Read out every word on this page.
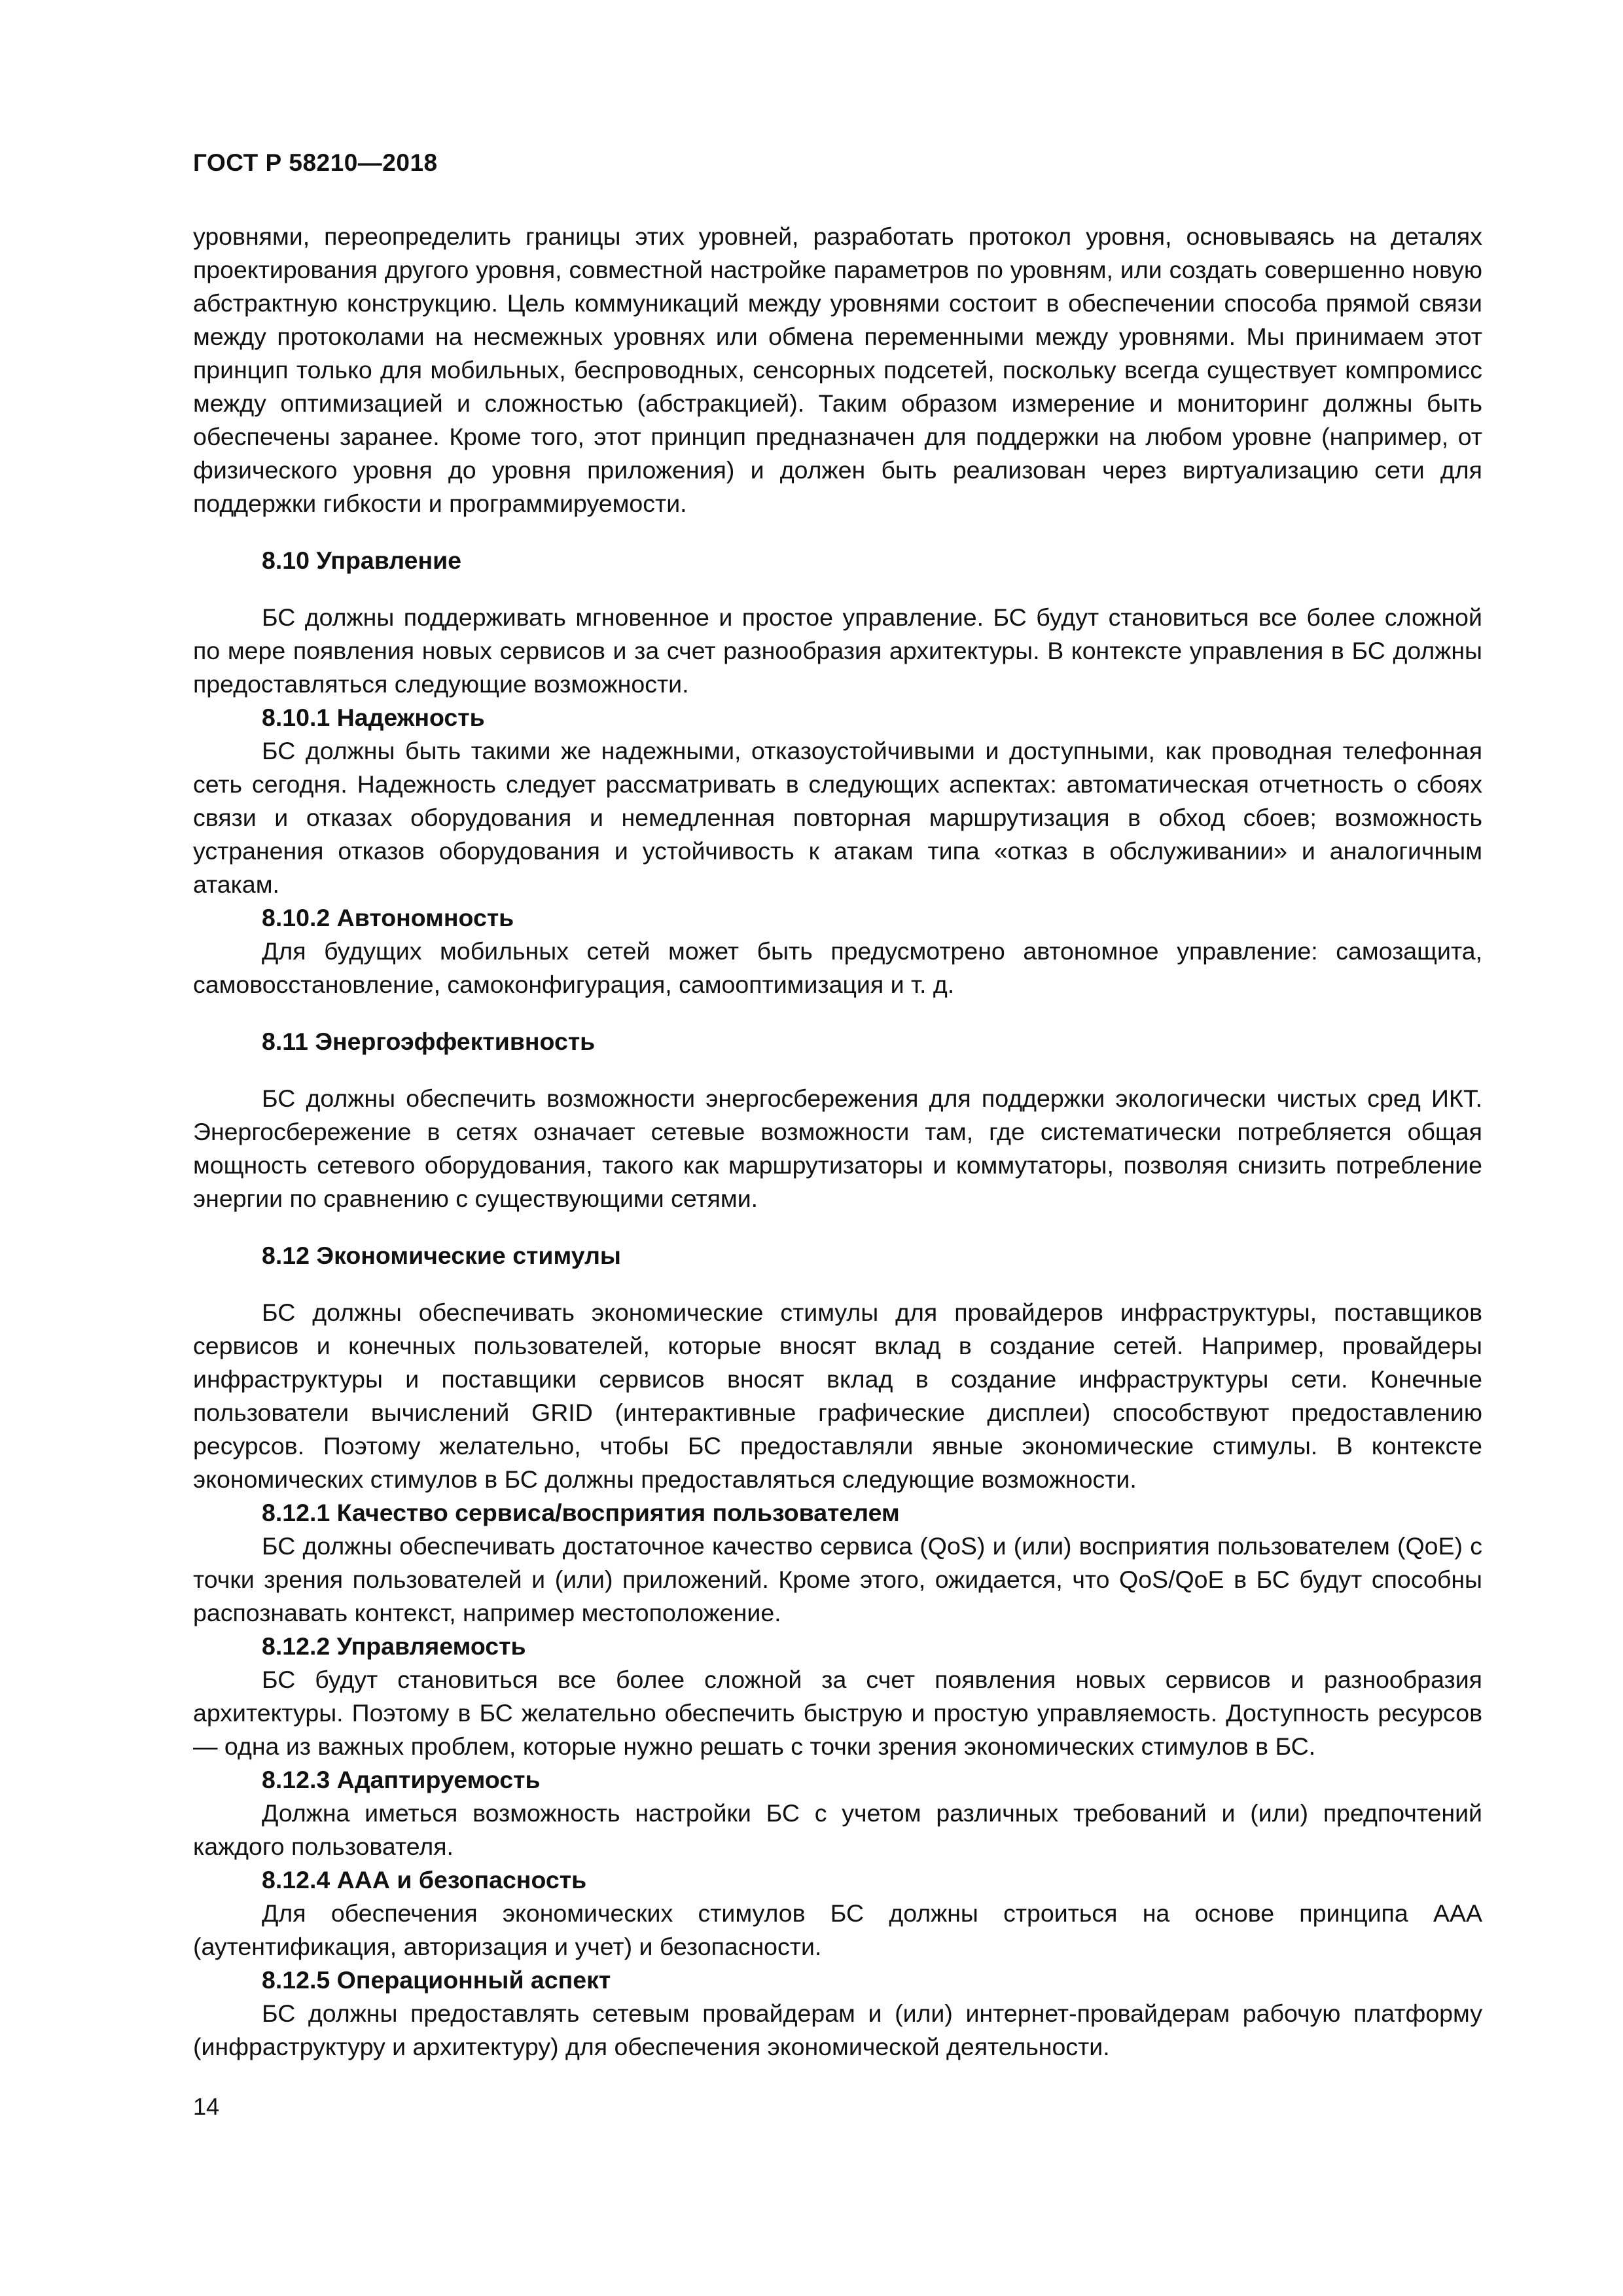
ГОСТ Р 58210—2018

уровнями, переопределить границы этих уровней, разработать протокол уровня, основываясь на деталях проектирования другого уровня, совместной настройке параметров по уровням, или создать совершенно новую абстрактную конструкцию. Цель коммуникаций между уровнями состоит в обеспечении способа прямой связи между протоколами на несмежных уровнях или обмена переменными между уровнями. Мы принимаем этот принцип только для мобильных, беспроводных, сенсорных подсетей, поскольку всегда существует компромисс между оптимизацией и сложностью (абстракцией). Таким образом измерение и мониторинг должны быть обеспечены заранее. Кроме того, этот принцип предназначен для поддержки на любом уровне (например, от физического уровня до уровня приложения) и должен быть реализован через виртуализацию сети для поддержки гибкости и программируемости.

8.10 Управление

БС должны поддерживать мгновенное и простое управление. БС будут становиться все более сложной по мере появления новых сервисов и за счет разнообразия архитектуры. В контексте управления в БС должны предоставляться следующие возможности.

8.10.1 Надежность

БС должны быть такими же надежными, отказоустойчивыми и доступными, как проводная телефонная сеть сегодня. Надежность следует рассматривать в следующих аспектах: автоматическая отчетность о сбоях связи и отказах оборудования и немедленная повторная маршрутизация в обход сбоев; возможность устранения отказов оборудования и устойчивость к атакам типа «отказ в обслуживании» и аналогичным атакам.

8.10.2 Автономность

Для будущих мобильных сетей может быть предусмотрено автономное управление: самозащита, самовосстановление, самоконфигурация, самооптимизация и т. д.

8.11 Энергоэффективность

БС должны обеспечить возможности энергосбережения для поддержки экологически чистых сред ИКТ. Энергосбережение в сетях означает сетевые возможности там, где систематически потребляется общая мощность сетевого оборудования, такого как маршрутизаторы и коммутаторы, позволяя снизить потребление энергии по сравнению с существующими сетями.

8.12 Экономические стимулы

БС должны обеспечивать экономические стимулы для провайдеров инфраструктуры, поставщиков сервисов и конечных пользователей, которые вносят вклад в создание сетей. Например, провайдеры инфраструктуры и поставщики сервисов вносят вклад в создание инфраструктуры сети. Конечные пользователи вычислений GRID (интерактивные графические дисплеи) способствуют предоставлению ресурсов. Поэтому желательно, чтобы БС предоставляли явные экономические стимулы. В контексте экономических стимулов в БС должны предоставляться следующие возможности.

8.12.1 Качество сервиса/восприятия пользователем

БС должны обеспечивать достаточное качество сервиса (QoS) и (или) восприятия пользователем (QoE) с точки зрения пользователей и (или) приложений. Кроме этого, ожидается, что QoS/QoE в БС будут способны распознавать контекст, например местоположение.

8.12.2 Управляемость

БС будут становиться все более сложной за счет появления новых сервисов и разнообразия архитектуры. Поэтому в БС желательно обеспечить быструю и простую управляемость. Доступность ресурсов — одна из важных проблем, которые нужно решать с точки зрения экономических стимулов в БС.

8.12.3 Адаптируемость

Должна иметься возможность настройки БС с учетом различных требований и (или) предпочтений каждого пользователя.

8.12.4 ААА и безопасность

Для обеспечения экономических стимулов БС должны строиться на основе принципа ААА (аутентификация, авторизация и учет) и безопасности.

8.12.5 Операционный аспект

БС должны предоставлять сетевым провайдерам и (или) интернет-провайдерам рабочую платформу (инфраструктуру и архитектуру) для обеспечения экономической деятельности.

14
